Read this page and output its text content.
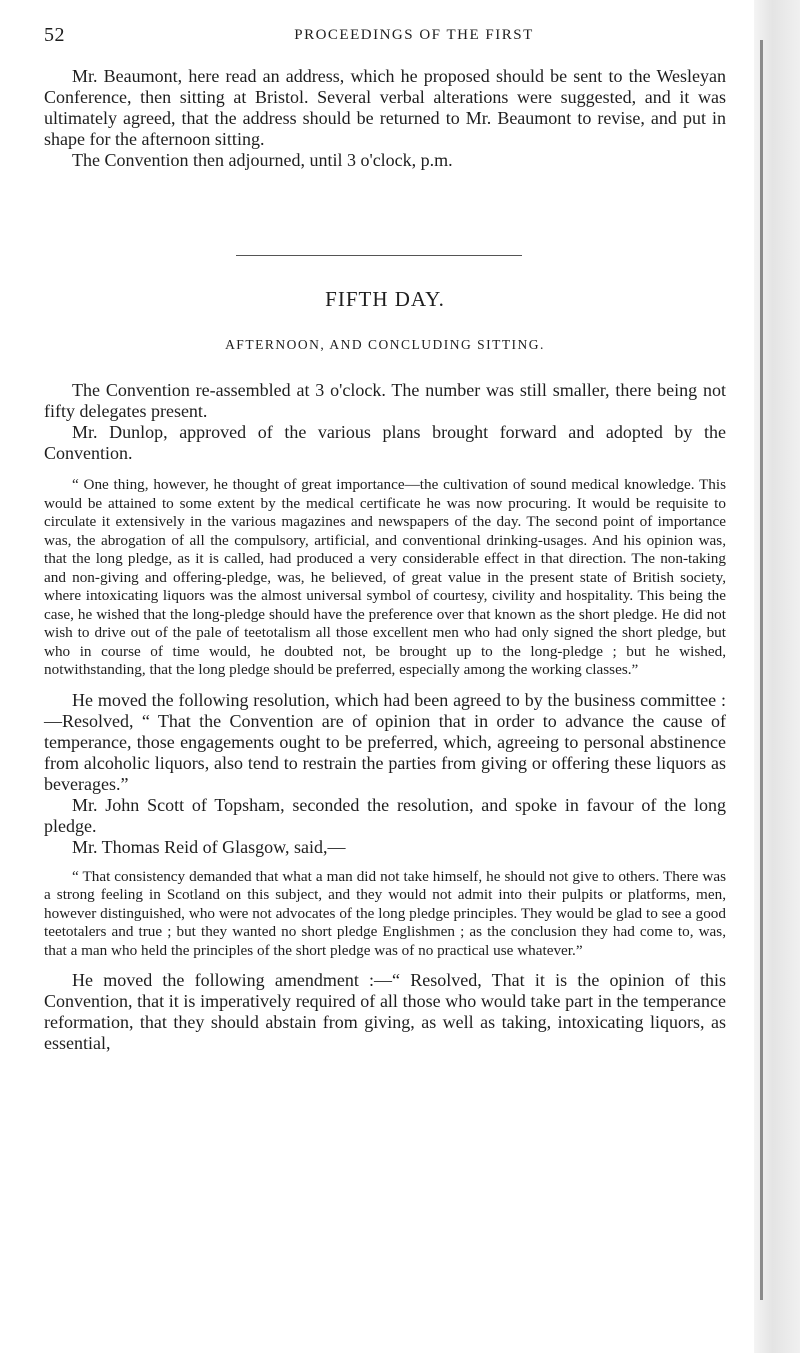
52	PROCEEDINGS OF THE FIRST

Mr. Beaumont, here read an address, which he proposed should be sent to the Wesleyan Conference, then sitting at Bristol. Several verbal alterations were suggested, and it was ultimately agreed, that the address should be returned to Mr. Beaumont to revise, and put in shape for the afternoon sitting.

The Convention then adjourned, until 3 o'clock, p.m.

FIFTH DAY.
AFTERNOON, AND CONCLUDING SITTING.

The Convention re-assembled at 3 o'clock. The number was still smaller, there being not fifty delegates present.

Mr. Dunlop, approved of the various plans brought forward and adopted by the Convention.

“ One thing, however, he thought of great importance—the cultivation of sound medical knowledge. This would be attained to some extent by the medical certificate he was now procuring. It would be requisite to circulate it extensively in the various magazines and newspapers of the day. The second point of importance was, the abrogation of all the compulsory, artificial, and conventional drinking-usages. And his opinion was, that the long pledge, as it is called, had produced a very considerable effect in that direction. The non-taking and non-giving and offering-pledge, was, he believed, of great value in the present state of British society, where intoxicating liquors was the almost universal symbol of courtesy, civility and hospitality. This being the case, he wished that the long-pledge should have the preference over that known as the short pledge. He did not wish to drive out of the pale of teetotalism all those excellent men who had only signed the short pledge, but who in course of time would, he doubted not, be brought up to the long-pledge ; but he wished, notwithstanding, that the long pledge should be preferred, especially among the working classes.”

He moved the following resolution, which had been agreed to by the business committee :—Resolved, “ That the Convention are of opinion that in order to advance the cause of temperance, those engagements ought to be preferred, which, agreeing to personal abstinence from alcoholic liquors, also tend to restrain the parties from giving or offering these liquors as beverages.”

Mr. John Scott of Topsham, seconded the resolution, and spoke in favour of the long pledge.

Mr. Thomas Reid of Glasgow, said,—

“ That consistency demanded that what a man did not take himself, he should not give to others. There was a strong feeling in Scotland on this subject, and they would not admit into their pulpits or platforms, men, however distinguished, who were not advocates of the long pledge principles. They would be glad to see a good teetotalers and true ; but they wanted no short pledge Englishmen ; as the conclusion they had come to, was, that a man who held the principles of the short pledge was of no practical use whatever.”

He moved the following amendment :—“ Resolved, That it is the opinion of this Convention, that it is imperatively required of all those who would take part in the temperance reformation, that they should abstain from giving, as well as taking, intoxicating liquors, as essential,
